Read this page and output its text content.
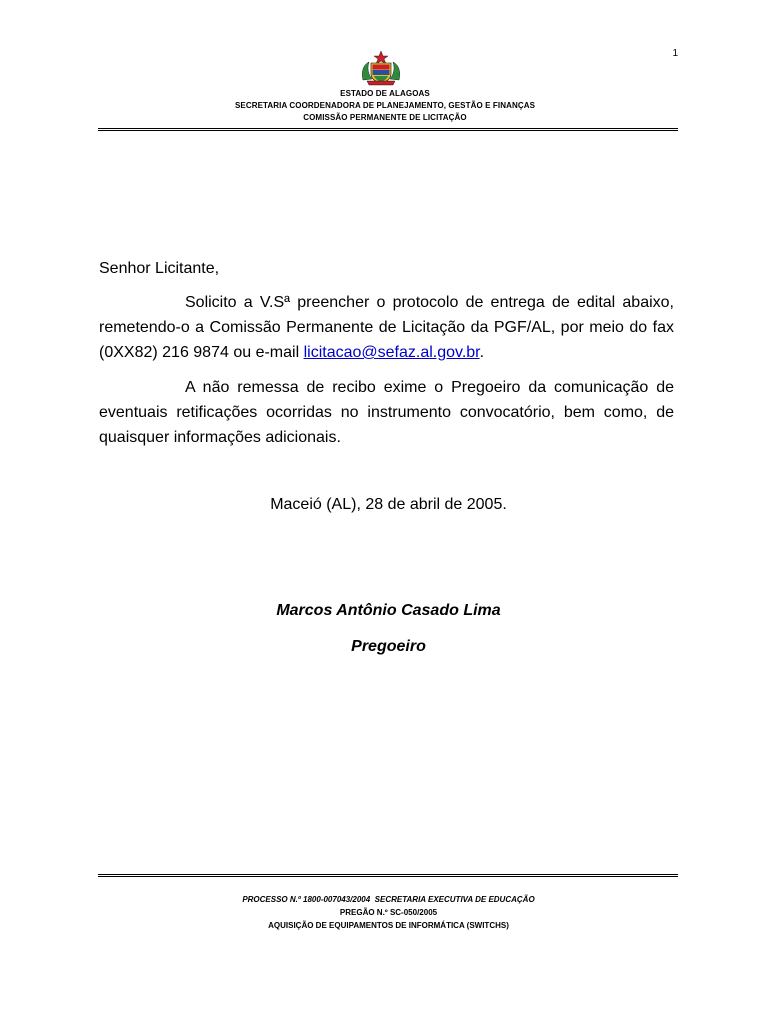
1
ESTADO DE ALAGOAS
SECRETARIA COORDENADORA DE PLANEJAMENTO, GESTÃO E FINANÇAS
COMISSÃO PERMANENTE DE LICITAÇÃO
Senhor Licitante,
Solicito a V.Sª preencher o protocolo de entrega de edital abaixo, remetendo-o a Comissão Permanente de Licitação da PGF/AL, por meio do fax (0XX82) 216 9874 ou e-mail licitacao@sefaz.al.gov.br.
A não remessa de recibo exime o Pregoeiro da comunicação de eventuais retificações ocorridas no instrumento convocatório, bem como, de quaisquer informações adicionais.
Maceió (AL), 28 de abril de 2005.
Marcos Antônio Casado Lima
Pregoeiro
PROCESSO N.º 1800-007043/2004 SECRETARIA EXECUTIVA DE EDUCAÇÃO
PREGÃO N.º SC-050/2005
AQUISIÇÃO DE EQUIPAMENTOS DE INFORMÁTICA (SWITCHS)
